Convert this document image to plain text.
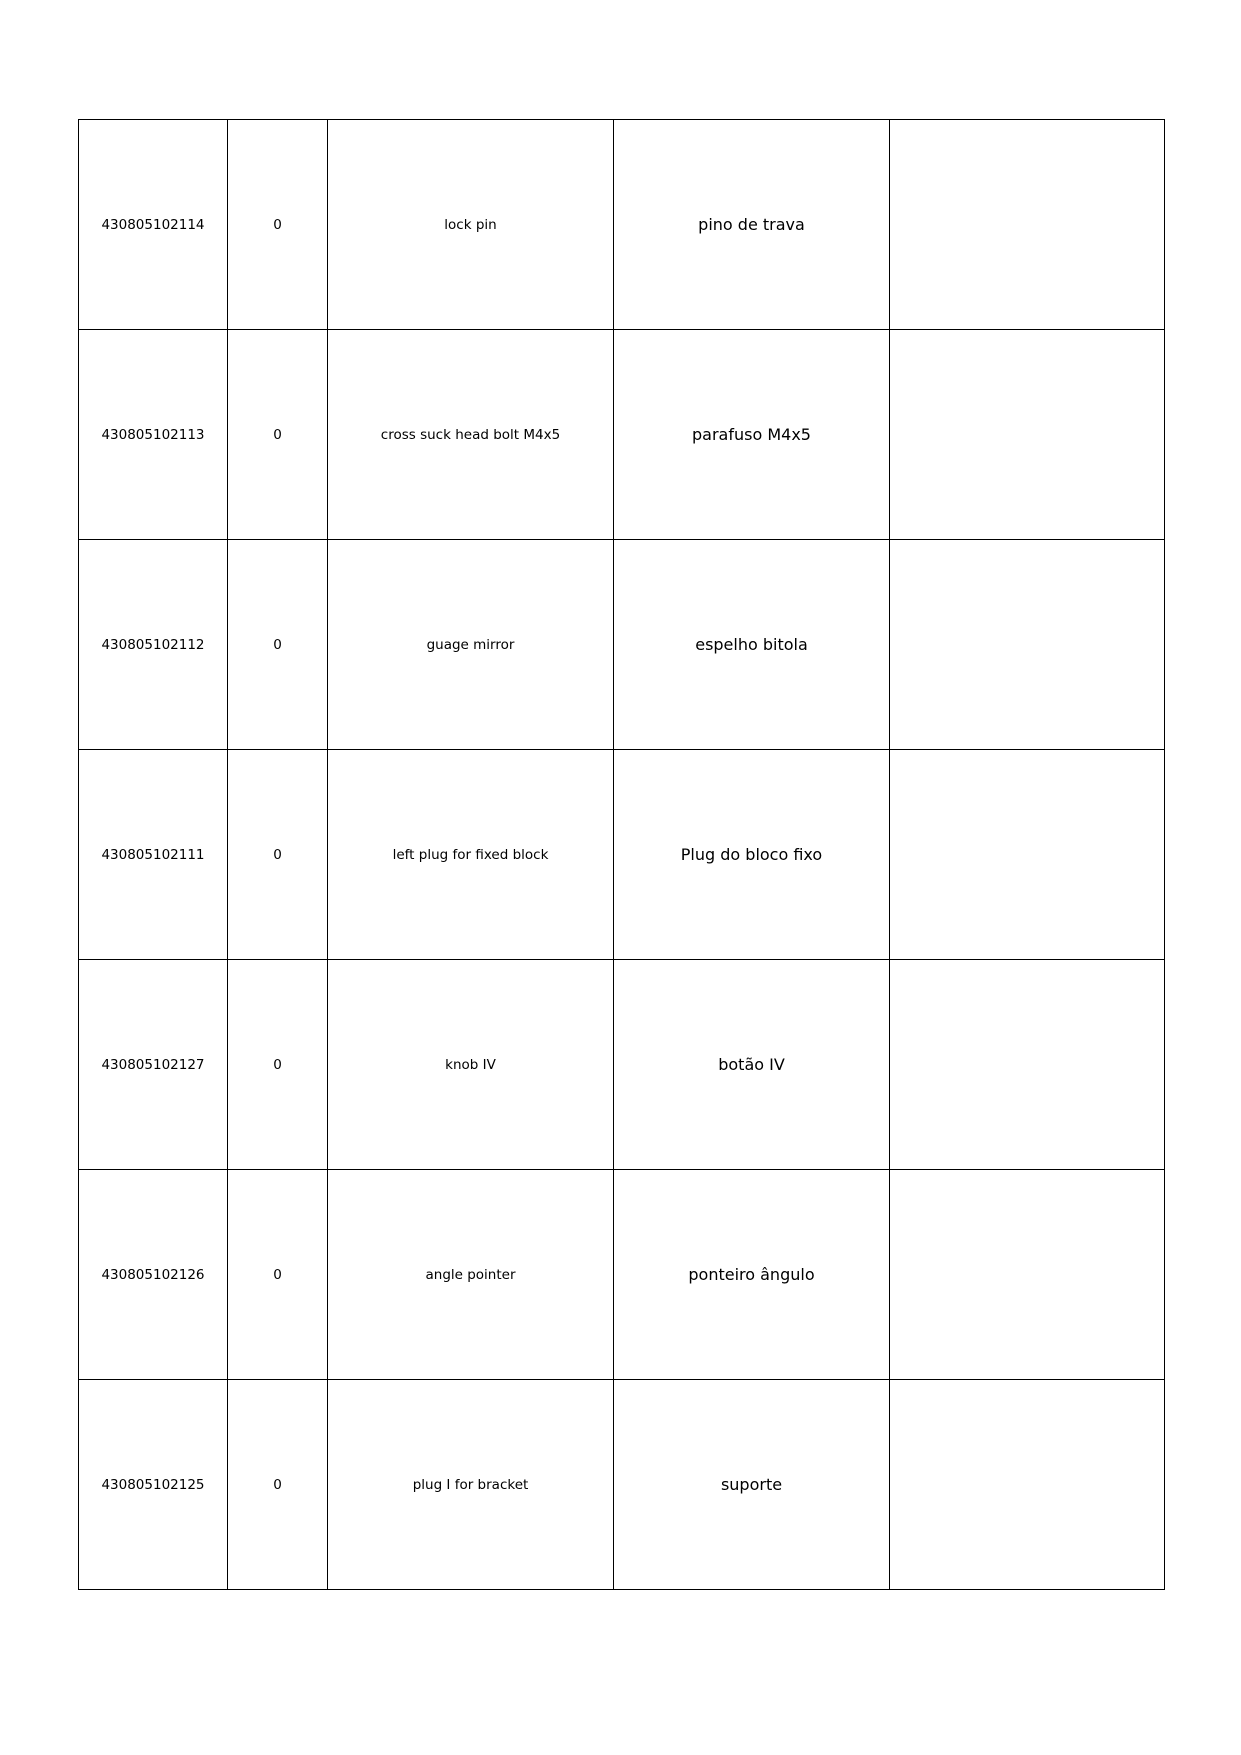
430805102114	0	lock pin	pino de trava	
430805102113	0	cross suck head bolt M4x5	parafuso M4x5	
430805102112	0	guage mirror	espelho bitola	
430805102111	0	left plug for fixed block	Plug do bloco fixo	
430805102127	0	knob IV	botão IV	
430805102126	0	angle pointer	ponteiro ângulo	
430805102125	0	plug I for bracket	suporte	
